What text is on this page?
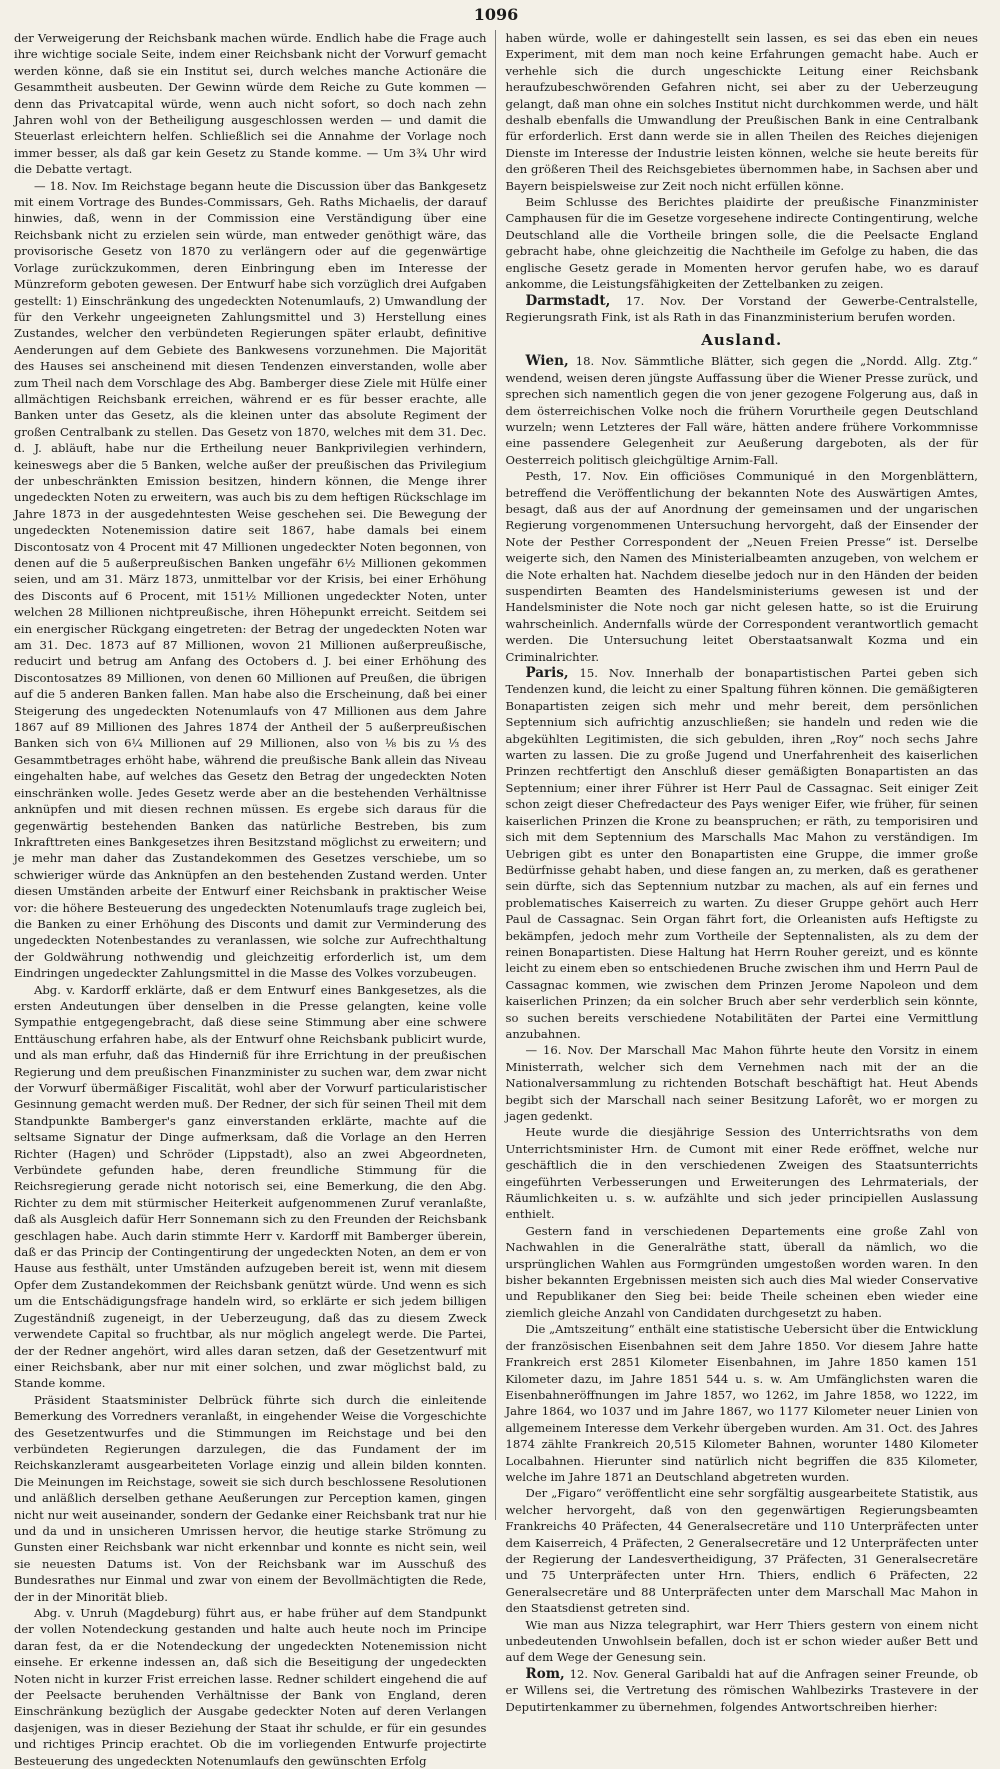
1096

der Verweigerung der Reichsbank machen würde. Endlich habe die Frage auch ihre wichtige sociale Seite, indem einer Reichsbank nicht der Vorwurf gemacht werden könne, daß sie ein Institut sei, durch welches manche Actionäre die Gesammtheit ausbeuten. Der Gewinn würde dem Reiche zu Gute kommen — denn das Privatcapital würde, wenn auch nicht sofort, so doch nach zehn Jahren wohl von der Betheiligung ausgeschlossen werden — und damit die Steuerlast erleichtern helfen. Schließlich sei die Annahme der Vorlage noch immer besser, als daß gar kein Gesetz zu Stande komme. — Um 3¾ Uhr wird die Debatte vertagt.

— 18. Nov. Im Reichstage begann heute die Discussion über das Bankgesetz mit einem Vortrage des Bundes-Commissars, Geh. Raths Michaelis, der darauf hinwies, daß, wenn in der Commission eine Verständigung über eine Reichsbank nicht zu erzielen sein würde, man entweder genöthigt wäre, das provisorische Gesetz von 1870 zu verlängern oder auf die gegenwärtige Vorlage zurückzukommen, deren Einbringung eben im Interesse der Münzreform geboten gewesen. Der Entwurf habe sich vorzüglich drei Aufgaben gestellt: 1) Einschränkung des ungedeckten Notenumlaufs, 2) Umwandlung der für den Verkehr ungeeigneten Zahlungsmittel und 3) Herstellung eines Zustandes, welcher den verbündeten Regierungen später erlaubt, definitive Aenderungen auf dem Gebiete des Bankwesens vorzunehmen. Die Majorität des Hauses sei anscheinend mit diesen Tendenzen einverstanden, wolle aber zum Theil nach dem Vorschlage des Abg. Bamberger diese Ziele mit Hülfe einer allmächtigen Reichsbank erreichen, während er es für besser erachte, alle Banken unter das Gesetz, als die kleinen unter das absolute Regiment der großen Centralbank zu stellen. Das Gesetz von 1870, welches mit dem 31. Dec. d. J. abläuft, habe nur die Ertheilung neuer Bankprivilegien verhindern, keineswegs aber die 5 Banken, welche außer der preußischen das Privilegium der unbeschränkten Emission besitzen, hindern können, die Menge ihrer ungedeckten Noten zu erweitern, was auch bis zu dem heftigen Rückschlage im Jahre 1873 in der ausgedehntesten Weise geschehen sei. Die Bewegung der ungedeckten Notenemission datire seit 1867, habe damals bei einem Discontosatz von 4 Procent mit 47 Millionen ungedeckter Noten begonnen, von denen auf die 5 außerpreußischen Banken ungefähr 6½ Millionen gekommen seien, und am 31. März 1873, unmittelbar vor der Krisis, bei einer Erhöhung des Disconts auf 6 Procent, mit 151½ Millionen ungedeckter Noten, unter welchen 28 Millionen nichtpreußische, ihren Höhepunkt erreicht. Seitdem sei ein energischer Rückgang eingetreten: der Betrag der ungedeckten Noten war am 31. Dec. 1873 auf 87 Millionen, wovon 21 Millionen außerpreußische, reducirt und betrug am Anfang des Octobers d. J. bei einer Erhöhung des Discontosatzes 89 Millionen, von denen 60 Millionen auf Preußen, die übrigen auf die 5 anderen Banken fallen. Man habe also die Erscheinung, daß bei einer Steigerung des ungedeckten Notenumlaufs von 47 Millionen aus dem Jahre 1867 auf 89 Millionen des Jahres 1874 der Antheil der 5 außerpreußischen Banken sich von 6¼ Millionen auf 29 Millionen, also von ⅛ bis zu ⅓ des Gesammtbetrages erhöht habe, während die preußische Bank allein das Niveau eingehalten habe, auf welches das Gesetz den Betrag der ungedeckten Noten einschränken wolle. Jedes Gesetz werde aber an die bestehenden Verhältnisse anknüpfen und mit diesen rechnen müssen. Es ergebe sich daraus für die gegenwärtig bestehenden Banken das natürliche Bestreben, bis zum Inkrafttreten eines Bankgesetzes ihren Besitzstand möglichst zu erweitern; und je mehr man daher das Zustandekommen des Gesetzes verschiebe, um so schwieriger würde das Anknüpfen an den bestehenden Zustand werden. Unter diesen Umständen arbeite der Entwurf einer Reichsbank in praktischer Weise vor: die höhere Besteuerung des ungedeckten Notenumlaufs trage zugleich bei, die Banken zu einer Erhöhung des Disconts und damit zur Verminderung des ungedeckten Notenbestandes zu veranlassen, wie solche zur Aufrechthaltung der Goldwährung nothwendig und gleichzeitig erforderlich ist, um dem Eindringen ungedeckter Zahlungsmittel in die Masse des Volkes vorzubeugen.

Abg. v. Kardorff erklärte, daß er dem Entwurf eines Bankgesetzes, als die ersten Andeutungen über denselben in die Presse gelangten, keine volle Sympathie entgegengebracht, daß diese seine Stimmung aber eine schwere Enttäuschung erfahren habe, als der Entwurf ohne Reichsbank publicirt wurde, und als man erfuhr, daß das Hinderniß für ihre Errichtung in der preußischen Regierung und dem preußischen Finanzminister zu suchen war, dem zwar nicht der Vorwurf übermäßiger Fiscalität, wohl aber der Vorwurf particularistischer Gesinnung gemacht werden muß. Der Redner, der sich für seinen Theil mit dem Standpunkte Bamberger's ganz einverstanden erklärte, machte auf die seltsame Signatur der Dinge aufmerksam, daß die Vorlage an den Herren Richter (Hagen) und Schröder (Lippstadt), also an zwei Abgeordneten, Verbündete gefunden habe, deren freundliche Stimmung für die Reichsregierung gerade nicht notorisch sei, eine Bemerkung, die den Abg. Richter zu dem mit stürmischer Heiterkeit aufgenommenen Zuruf veranlaßte, daß als Ausgleich dafür Herr Sonnemann sich zu den Freunden der Reichsbank geschlagen habe. Auch darin stimmte Herr v. Kardorff mit Bamberger überein, daß er das Princip der Contingentirung der ungedeckten Noten, an dem er von Hause aus festhält, unter Umständen aufzugeben bereit ist, wenn mit diesem Opfer dem Zustandekommen der Reichsbank genützt würde. Und wenn es sich um die Entschädigungsfrage handeln wird, so erklärte er sich jedem billigen Zugeständniß zugeneigt, in der Ueberzeugung, daß das zu diesem Zweck verwendete Capital so fruchtbar, als nur möglich angelegt werde. Die Partei, der der Redner angehört, wird alles daran setzen, daß der Gesetzentwurf mit einer Reichsbank, aber nur mit einer solchen, und zwar möglichst bald, zu Stande komme.

Präsident Staatsminister Delbrück führte sich durch die einleitende Bemerkung des Vorredners veranlaßt, in eingehender Weise die Vorgeschichte des Gesetzentwurfes und die Stimmungen im Reichstage und bei den verbündeten Regierungen darzulegen, die das Fundament der im Reichskanzleramt ausgearbeiteten Vorlage einzig und allein bilden konnten. Die Meinungen im Reichstage, soweit sie sich durch beschlossene Resolutionen und anläßlich derselben gethane Aeußerungen zur Perception kamen, gingen nicht nur weit auseinander, sondern der Gedanke einer Reichsbank trat nur hie und da und in unsicheren Umrissen hervor, die heutige starke Strömung zu Gunsten einer Reichsbank war nicht erkennbar und konnte es nicht sein, weil sie neuesten Datums ist. Von der Reichsbank war im Ausschuß des Bundesrathes nur Einmal und zwar von einem der Bevollmächtigten die Rede, der in der Minorität blieb.

Abg. v. Unruh (Magdeburg) führt aus, er habe früher auf dem Standpunkt der vollen Notendeckung gestanden und halte auch heute noch im Principe daran fest, da er die Notendeckung der ungedeckten Notenemission nicht einsehe. Er erkenne indessen an, daß sich die Beseitigung der ungedeckten Noten nicht in kurzer Frist erreichen lasse. Redner schildert eingehend die auf der Peelsacte beruhenden Verhältnisse der Bank von England, deren Einschränkung bezüglich der Ausgabe gedeckter Noten auf deren Verlangen dasjenigen, was in dieser Beziehung der Staat ihr schulde, er für ein gesundes und richtiges Princip erachtet. Ob die im vorliegenden Entwurfe projectirte Besteuerung des ungedeckten Notenumlaufs den gewünschten Erfolg

haben würde, wolle er dahingestellt sein lassen, es sei das eben ein neues Experiment, mit dem man noch keine Erfahrungen gemacht habe. Auch er verhehle sich die durch ungeschickte Leitung einer Reichsbank heraufzubeschwörenden Gefahren nicht, sei aber zu der Ueberzeugung gelangt, daß man ohne ein solches Institut nicht durchkommen werde, und hält deshalb ebenfalls die Umwandlung der Preußischen Bank in eine Centralbank für erforderlich. Erst dann werde sie in allen Theilen des Reiches diejenigen Dienste im Interesse der Industrie leisten können, welche sie heute bereits für den größeren Theil des Reichsgebietes übernommen habe, in Sachsen aber und Bayern beispielsweise zur Zeit noch nicht erfüllen könne.

Beim Schlusse des Berichtes plaidirte der preußische Finanzminister Camphausen für die im Gesetze vorgesehene indirecte Contingentirung, welche Deutschland alle die Vortheile bringen solle, die die Peelsacte England gebracht habe, ohne gleichzeitig die Nachtheile im Gefolge zu haben, die das englische Gesetz gerade in Momenten hervor gerufen habe, wo es darauf ankomme, die Leistungsfähigkeiten der Zettelbanken zu zeigen.

Darmstadt, 17. Nov. Der Vorstand der Gewerbe-Centralstelle, Regierungsrath Fink, ist als Rath in das Finanzministerium berufen worden.

Ausland.

Wien, 18. Nov. Sämmtliche Blätter, sich gegen die „Nordd. Allg. Ztg.“ wendend, weisen deren jüngste Auffassung über die Wiener Presse zurück, und sprechen sich namentlich gegen die von jener gezogene Folgerung aus, daß in dem österreichischen Volke noch die frühern Vorurtheile gegen Deutschland wurzeln; wenn Letzteres der Fall wäre, hätten andere frühere Vorkommnisse eine passendere Gelegenheit zur Aeußerung dargeboten, als der für Oesterreich politisch gleichgültige Arnim-Fall.

Pesth, 17. Nov. Ein officiöses Communiqué in den Morgenblättern, betreffend die Veröffentlichung der bekannten Note des Auswärtigen Amtes, besagt, daß aus der auf Anordnung der gemeinsamen und der ungarischen Regierung vorgenommenen Untersuchung hervorgeht, daß der Einsender der Note der Pesther Correspondent der „Neuen Freien Presse“ ist. Derselbe weigerte sich, den Namen des Ministerialbeamten anzugeben, von welchem er die Note erhalten hat. Nachdem dieselbe jedoch nur in den Händen der beiden suspendirten Beamten des Handelsministeriums gewesen ist und der Handelsminister die Note noch gar nicht gelesen hatte, so ist die Eruirung wahrscheinlich. Andernfalls würde der Correspondent verantwortlich gemacht werden. Die Untersuchung leitet Oberstaatsanwalt Kozma und ein Criminalrichter.

Paris, 15. Nov. Innerhalb der bonapartistischen Partei geben sich Tendenzen kund, die leicht zu einer Spaltung führen können. Die gemäßigteren Bonapartisten zeigen sich mehr und mehr bereit, dem persönlichen Septennium sich aufrichtig anzuschließen; sie handeln und reden wie die abgekühlten Legitimisten, die sich gebulden, ihren „Roy“ noch sechs Jahre warten zu lassen. Die zu große Jugend und Unerfahrenheit des kaiserlichen Prinzen rechtfertigt den Anschluß dieser gemäßigten Bonapartisten an das Septennium; einer ihrer Führer ist Herr Paul de Cassagnac. Seit einiger Zeit schon zeigt dieser Chefredacteur des Pays weniger Eifer, wie früher, für seinen kaiserlichen Prinzen die Krone zu beanspruchen; er räth, zu temporisiren und sich mit dem Septennium des Marschalls Mac Mahon zu verständigen. Im Uebrigen gibt es unter den Bonapartisten eine Gruppe, die immer große Bedürfnisse gehabt haben, und diese fangen an, zu merken, daß es gerathener sein dürfte, sich das Septennium nutzbar zu machen, als auf ein fernes und problematisches Kaiserreich zu warten. Zu dieser Gruppe gehört auch Herr Paul de Cassagnac. Sein Organ fährt fort, die Orleanisten aufs Heftigste zu bekämpfen, jedoch mehr zum Vortheile der Septennalisten, als zu dem der reinen Bonapartisten. Diese Haltung hat Herrn Rouher gereizt, und es könnte leicht zu einem eben so entschiedenen Bruche zwischen ihm und Herrn Paul de Cassagnac kommen, wie zwischen dem Prinzen Jerome Napoleon und dem kaiserlichen Prinzen; da ein solcher Bruch aber sehr verderblich sein könnte, so suchen bereits verschiedene Notabilitäten der Partei eine Vermittlung anzubahnen.

— 16. Nov. Der Marschall Mac Mahon führte heute den Vorsitz in einem Ministerrath, welcher sich dem Vernehmen nach mit der an die Nationalversammlung zu richtenden Botschaft beschäftigt hat. Heut Abends begibt sich der Marschall nach seiner Besitzung Laforêt, wo er morgen zu jagen gedenkt.

Heute wurde die diesjährige Session des Unterrichtsraths von dem Unterrichtsminister Hrn. de Cumont mit einer Rede eröffnet, welche nur geschäftlich die in den verschiedenen Zweigen des Staatsunterrichts eingeführten Verbesserungen und Erweiterungen des Lehrmaterials, der Räumlichkeiten u. s. w. aufzählte und sich jeder principiellen Auslassung enthielt.

Gestern fand in verschiedenen Departements eine große Zahl von Nachwahlen in die Generalräthe statt, überall da nämlich, wo die ursprünglichen Wahlen aus Formgründen umgestoßen worden waren. In den bisher bekannten Ergebnissen meisten sich auch dies Mal wieder Conservative und Republikaner den Sieg bei: beide Theile scheinen eben wieder eine ziemlich gleiche Anzahl von Candidaten durchgesetzt zu haben.

Die „Amtszeitung“ enthält eine statistische Uebersicht über die Entwicklung der französischen Eisenbahnen seit dem Jahre 1850. Vor diesem Jahre hatte Frankreich erst 2851 Kilometer Eisenbahnen, im Jahre 1850 kamen 151 Kilometer dazu, im Jahre 1851 544 u. s. w. Am Umfänglichsten waren die Eisenbahneröffnungen im Jahre 1857, wo 1262, im Jahre 1858, wo 1222, im Jahre 1864, wo 1037 und im Jahre 1867, wo 1177 Kilometer neuer Linien von allgemeinem Interesse dem Verkehr übergeben wurden. Am 31. Oct. des Jahres 1874 zählte Frankreich 20,515 Kilometer Bahnen, worunter 1480 Kilometer Localbahnen. Hierunter sind natürlich nicht begriffen die 835 Kilometer, welche im Jahre 1871 an Deutschland abgetreten wurden.

Der „Figaro“ veröffentlicht eine sehr sorgfältig ausgearbeitete Statistik, aus welcher hervorgeht, daß von den gegenwärtigen Regierungsbeamten Frankreichs 40 Präfecten, 44 Generalsecretäre und 110 Unterpräfecten unter dem Kaiserreich, 4 Präfecten, 2 Generalsecretäre und 12 Unterpräfecten unter der Regierung der Landesvertheidigung, 37 Präfecten, 31 Generalsecretäre und 75 Unterpräfecten unter Hrn. Thiers, endlich 6 Präfecten, 22 Generalsecretäre und 88 Unterpräfecten unter dem Marschall Mac Mahon in den Staatsdienst getreten sind.

Wie man aus Nizza telegraphirt, war Herr Thiers gestern von einem nicht unbedeutenden Unwohlsein befallen, doch ist er schon wieder außer Bett und auf dem Wege der Genesung sein.

Rom, 12. Nov. General Garibaldi hat auf die Anfragen seiner Freunde, ob er Willens sei, die Vertretung des römischen Wahlbezirks Trastevere in der Deputirtenkammer zu übernehmen, folgendes Antwortschreiben hierher:
